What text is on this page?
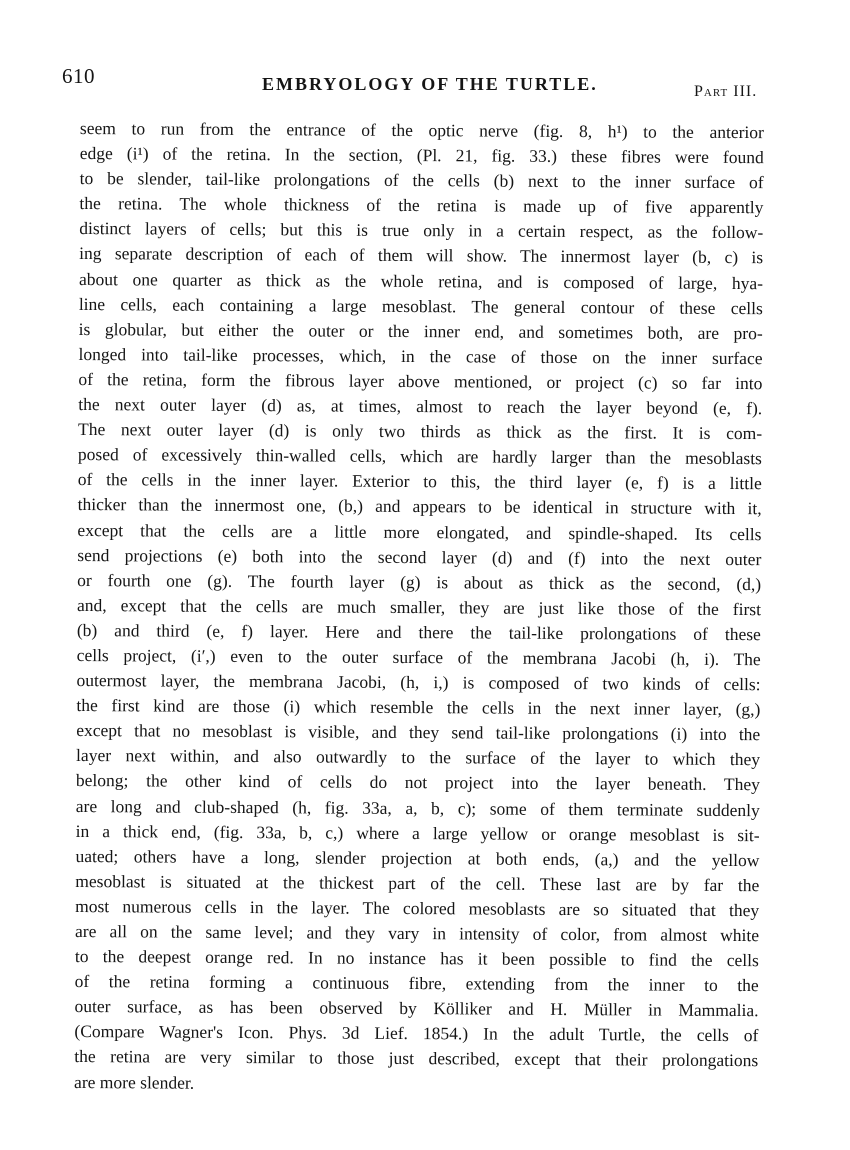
610	EMBRYOLOGY OF THE TURTLE.	Part III.
seem to run from the entrance of the optic nerve (fig. 8, h¹) to the anterior
edge (i¹) of the retina. In the section, (Pl. 21, fig. 33.) these fibres were found
to be slender, tail-like prolongations of the cells (b) next to the inner surface of
the retina. The whole thickness of the retina is made up of five apparently
distinct layers of cells; but this is true only in a certain respect, as the follow-
ing separate description of each of them will show. The innermost layer (b, c) is
about one quarter as thick as the whole retina, and is composed of large, hya-
line cells, each containing a large mesoblast. The general contour of these cells
is globular, but either the outer or the inner end, and sometimes both, are pro-
longed into tail-like processes, which, in the case of those on the inner surface
of the retina, form the fibrous layer above mentioned, or project (c) so far into
the next outer layer (d) as, at times, almost to reach the layer beyond (e, f).
The next outer layer (d) is only two thirds as thick as the first. It is com-
posed of excessively thin-walled cells, which are hardly larger than the mesoblasts
of the cells in the inner layer. Exterior to this, the third layer (e, f) is a little
thicker than the innermost one, (b,) and appears to be identical in structure with it,
except that the cells are a little more elongated, and spindle-shaped. Its cells
send projections (e) both into the second layer (d) and (f) into the next outer
or fourth one (g). The fourth layer (g) is about as thick as the second, (d,)
and, except that the cells are much smaller, they are just like those of the first
(b) and third (e, f) layer. Here and there the tail-like prolongations of these
cells project, (i′,) even to the outer surface of the membrana Jacobi (h, i). The
outermost layer, the membrana Jacobi, (h, i,) is composed of two kinds of cells:
the first kind are those (i) which resemble the cells in the next inner layer, (g,)
except that no mesoblast is visible, and they send tail-like prolongations (i) into the
layer next within, and also outwardly to the surface of the layer to which they
belong; the other kind of cells do not project into the layer beneath. They
are long and club-shaped (h, fig. 33a, a, b, c); some of them terminate suddenly
in a thick end, (fig. 33a, b, c,) where a large yellow or orange mesoblast is sit-
uated; others have a long, slender projection at both ends, (a,) and the yellow
mesoblast is situated at the thickest part of the cell. These last are by far the
most numerous cells in the layer. The colored mesoblasts are so situated that they
are all on the same level; and they vary in intensity of color, from almost white
to the deepest orange red. In no instance has it been possible to find the cells
of the retina forming a continuous fibre, extending from the inner to the
outer surface, as has been observed by Kölliker and H. Müller in Mammalia.
(Compare Wagner's Icon. Phys. 3d Lief. 1854.) In the adult Turtle, the cells of
the retina are very similar to those just described, except that their prolongations
are more slender.
